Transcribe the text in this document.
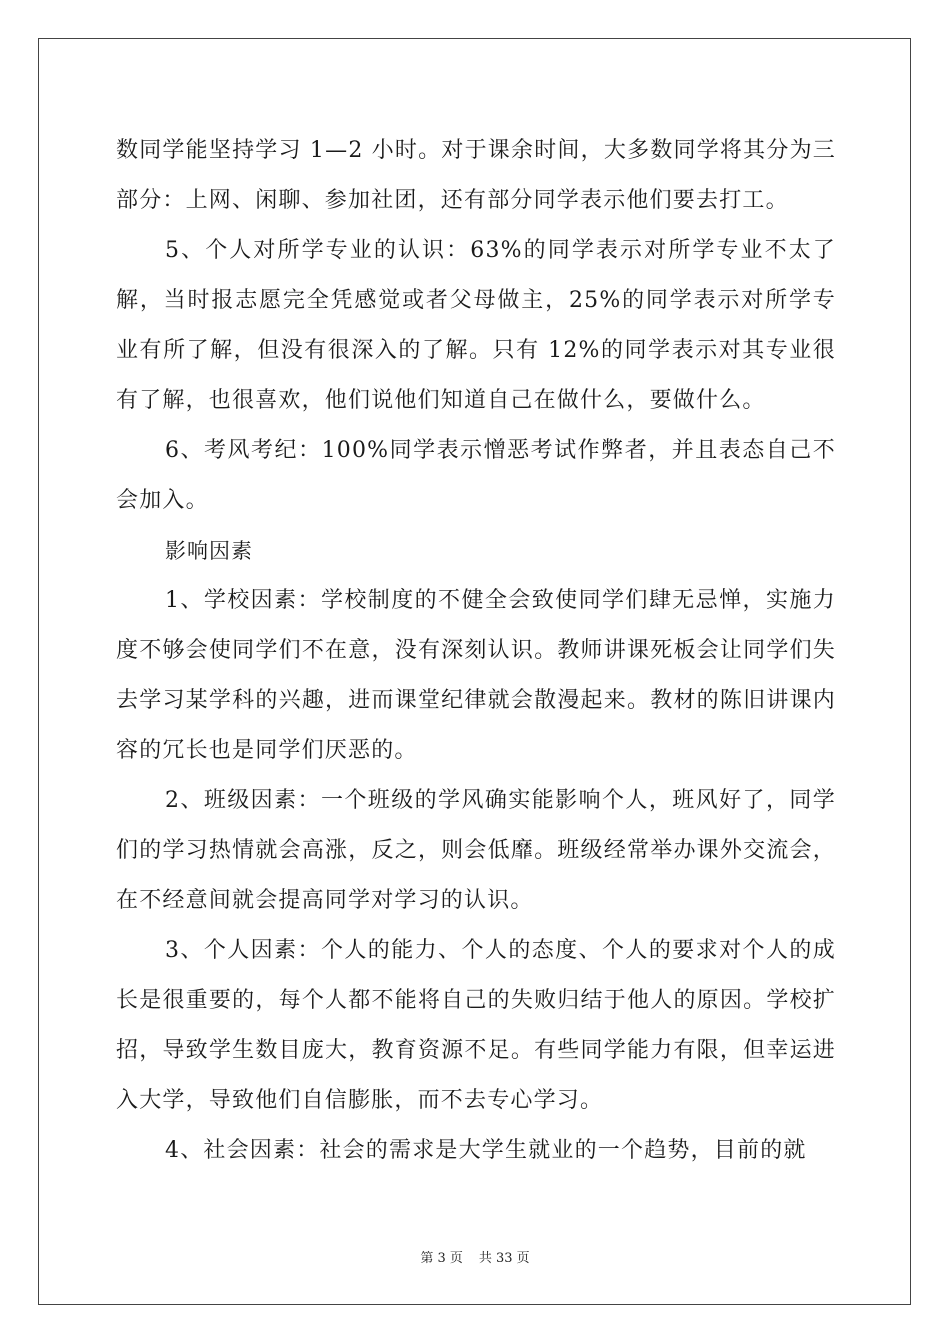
数同学能坚持学习 1—2 小时。对于课余时间，大多数同学将其分为三部分：上网、闲聊、参加社团，还有部分同学表示他们要去打工。

5、个人对所学专业的认识：63%的同学表示对所学专业不太了解，当时报志愿完全凭感觉或者父母做主，25%的同学表示对所学专业有所了解，但没有很深入的了解。只有 12%的同学表示对其专业很有了解，也很喜欢，他们说他们知道自己在做什么，要做什么。

6、考风考纪：100%同学表示憎恶考试作弊者，并且表态自己不会加入。

影响因素

1、学校因素：学校制度的不健全会致使同学们肆无忌惮，实施力度不够会使同学们不在意，没有深刻认识。教师讲课死板会让同学们失去学习某学科的兴趣，进而课堂纪律就会散漫起来。教材的陈旧讲课内容的冗长也是同学们厌恶的。

2、班级因素：一个班级的学风确实能影响个人，班风好了，同学们的学习热情就会高涨，反之，则会低靡。班级经常举办课外交流会，在不经意间就会提高同学对学习的认识。

3、个人因素：个人的能力、个人的态度、个人的要求对个人的成长是很重要的，每个人都不能将自己的失败归结于他人的原因。学校扩招，导致学生数目庞大，教育资源不足。有些同学能力有限，但幸运进入大学，导致他们自信膨胀，而不去专心学习。

4、社会因素：社会的需求是大学生就业的一个趋势，目前的就

第 3 页 共 33 页
